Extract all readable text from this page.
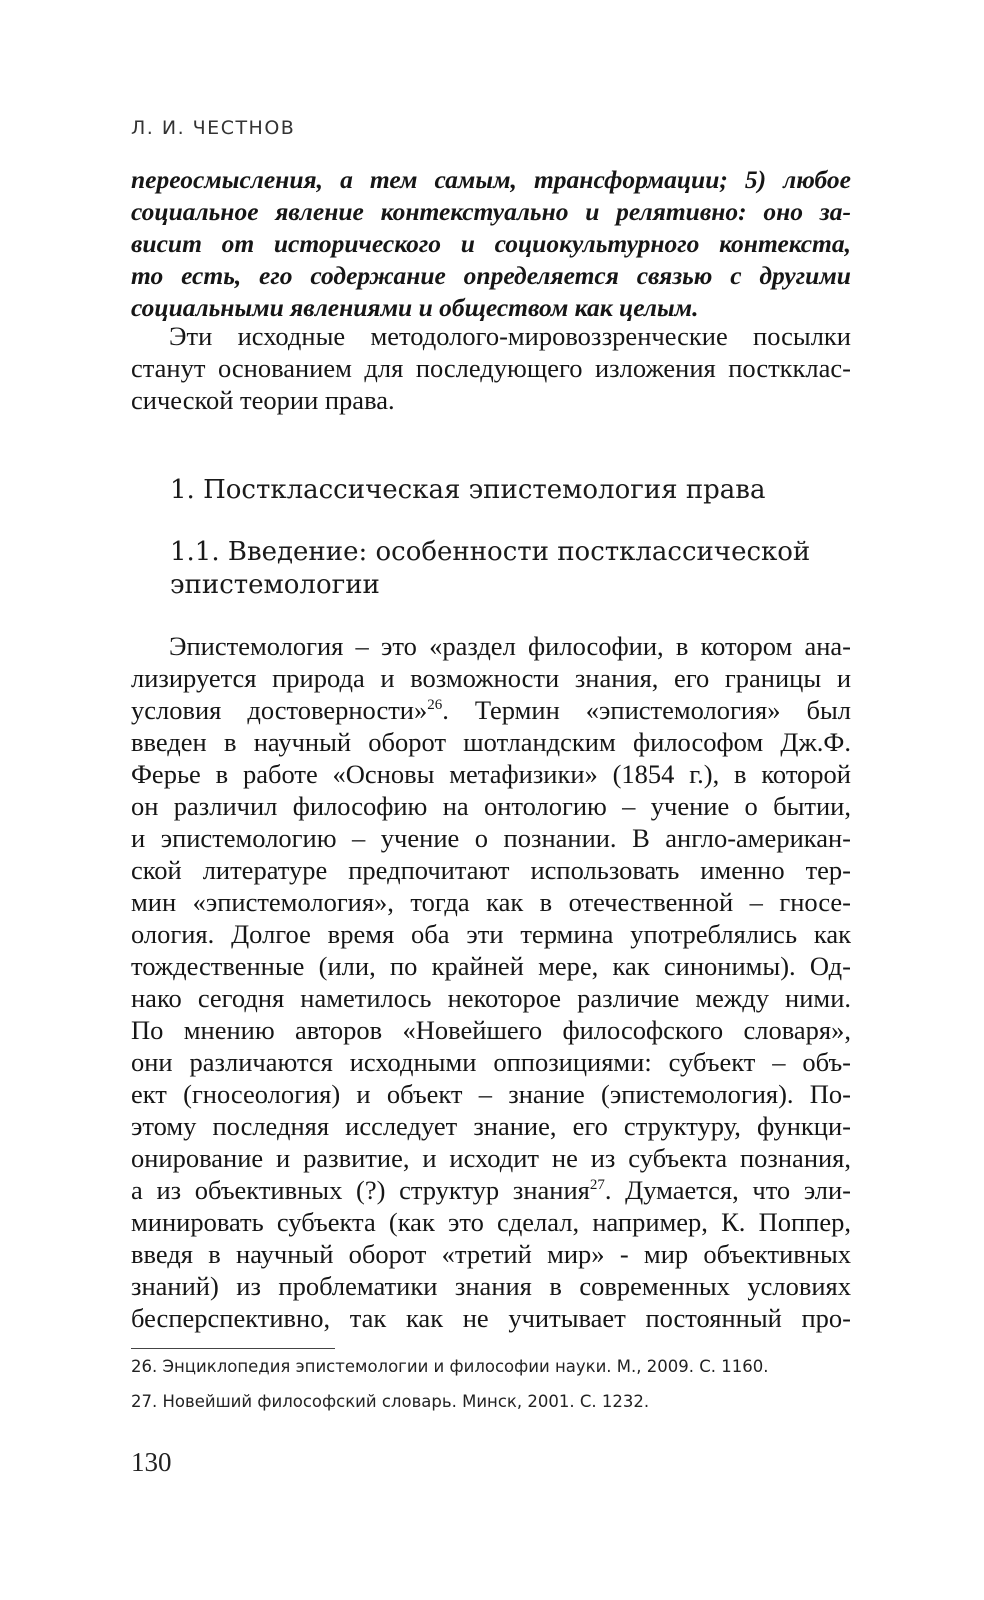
Л. И. ЧЕСТНОВ
переосмысления, а тем самым, трансформации; 5) любое
социальное явление контекстуально и релятивно: оно за-
висит от исторического и социокультурного контекста,
то есть, его содержание определяется связью с другими
социальными явлениями и обществом как целым.
Эти исходные методолого-мировоззренческие посылки
станут основанием для последующего изложения посткклас-
сической теории права.
1. Постклассическая эпистемология права
1.1. Введение: особенности постклассической
эпистемологии
Эпистемология – это «раздел философии, в котором ана-
лизируется природа и возможности знания, его границы и
условия достоверности»$^{26}$. Термин «эпистемология» был
введен в научный оборот шотландским философом Дж.Ф.
Ферье в работе «Основы метафизики» (1854 г.), в которой
он различил философию на онтологию – учение о бытии,
и эпистемологию – учение о познании. В англо-американ-
ской литературе предпочитают использовать именно тер-
мин «эпистемология», тогда как в отечественной – гносе-
ология. Долгое время оба эти термина употреблялись как
тождественные (или, по крайней мере, как синонимы). Од-
нако сегодня наметилось некоторое различие между ними.
По мнению авторов «Новейшего философского словаря»,
они различаются исходными оппозициями: субъект – объ-
ект (гносеология) и объект – знание (эпистемология). По-
этому последняя исследует знание, его структуру, функци-
онирование и развитие, и исходит не из субъекта познания,
а из объективных (?) структур знания$^{27}$. Думается, что эли-
минировать субъекта (как это сделал, например, К. Поппер,
введя в научный оборот «третий мир» - мир объективных
знаний) из проблематики знания в современных условиях
бесперспективно, так как не учитывает постоянный про-
26. Энциклопедия эпистемологии и философии науки. М., 2009. С. 1160.
27. Новейший философский словарь. Минск, 2001. С. 1232.
130
